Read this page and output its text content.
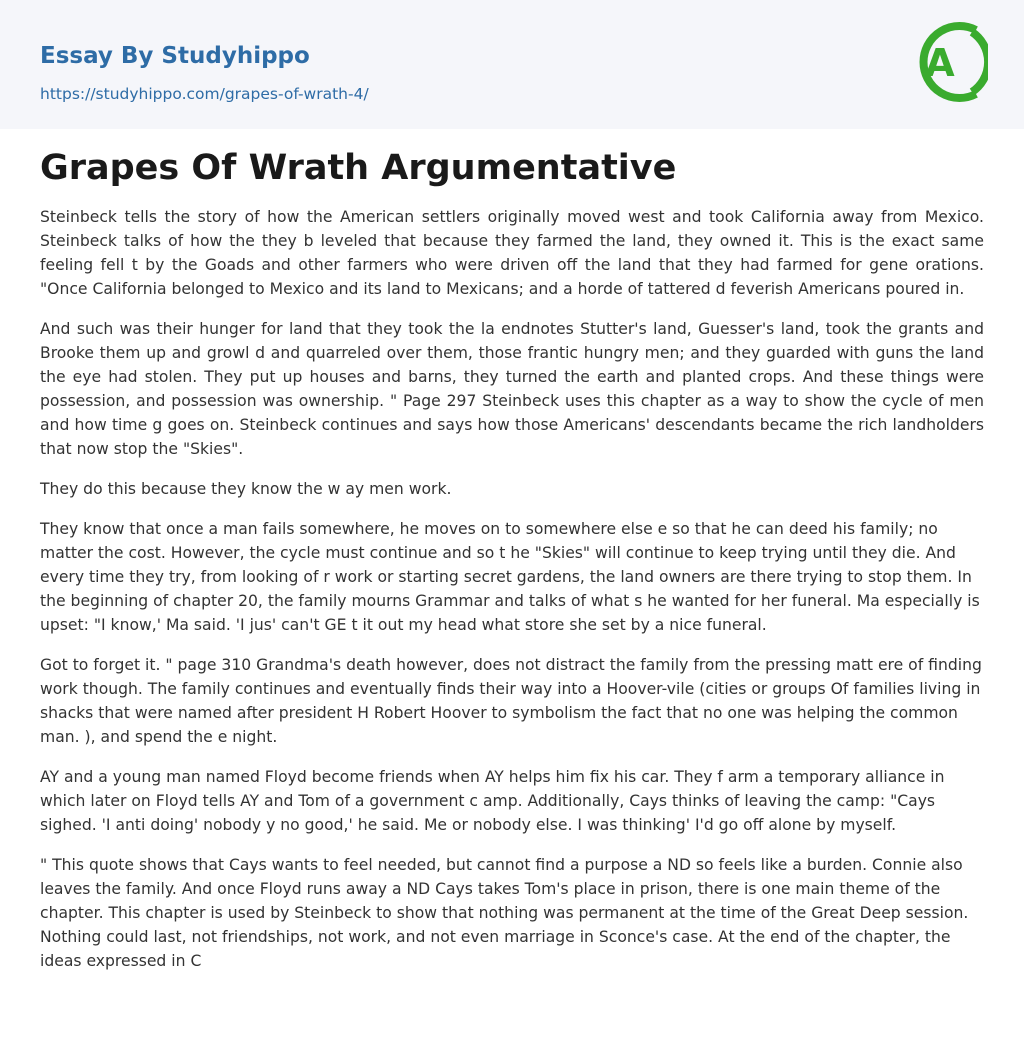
Essay By Studyhippo
https://studyhippo.com/grapes-of-wrath-4/
A
Grapes Of Wrath Argumentative

Steinbeck tells the story of how the American settlers originally moved west and took California away from Mexico. Steinbeck talks of how the they b leveled that because they farmed the land, they owned it. This is the exact same feeling fell t by the Goads and other farmers who were driven off the land that they had farmed for gene orations. "Once California belonged to Mexico and its land to Mexicans; and a horde of tattered d feverish Americans poured in.

And such was their hunger for land that they took the la endnotes Stutter's land, Guesser's land, took the grants and Brooke them up and growl d and quarreled over them, those frantic hungry men; and they guarded with guns the land the eye had stolen. They put up houses and barns, they turned the earth and planted crops. And these things were possession, and possession was ownership. " Page 297 Steinbeck uses this chapter as a way to show the cycle of men and how time g goes on. Steinbeck continues and says how those Americans' descendants became the rich landholders that now stop the "Skies".

They do this because they know the w ay men work.

They know that once a man fails somewhere, he moves on to somewhere else e so that he can deed his family; no matter the cost. However, the cycle must continue and so t he "Skies" will continue to keep trying until they die. And every time they try, from looking of r work or starting secret gardens, the land owners are there trying to stop them. In the beginning of chapter 20, the family mourns Grammar and talks of what s he wanted for her funeral. Ma especially is upset: "I know,' Ma said. 'I jus' can't GE t it out my head what store she set by a nice funeral.

Got to forget it. " page 310 Grandma's death however, does not distract the family from the pressing matt ere of finding work though. The family continues and eventually finds their way into a Hoover-vile (cities or groups Of families living in shacks that were named after president H Robert Hoover to symbolism the fact that no one was helping the common man. ), and spend the e night.

AY and a young man named Floyd become friends when AY helps him fix his car. They f arm a temporary alliance in which later on Floyd tells AY and Tom of a government c amp. Additionally, Cays thinks of leaving the camp: "Cays sighed. 'I anti doing' nobody y no good,' he said. Me or nobody else. I was thinking' I'd go off alone by myself.

" This quote shows that Cays wants to feel needed, but cannot find a purpose a ND so feels like a burden. Connie also leaves the family. And once Floyd runs away a ND Cays takes Tom's place in prison, there is one main theme of the chapter. This chapter is used by Steinbeck to show that nothing was permanent at the time of the Great Deep session. Nothing could last, not friendships, not work, and not even marriage in Sconce's case. At the end of the chapter, the ideas expressed in C
